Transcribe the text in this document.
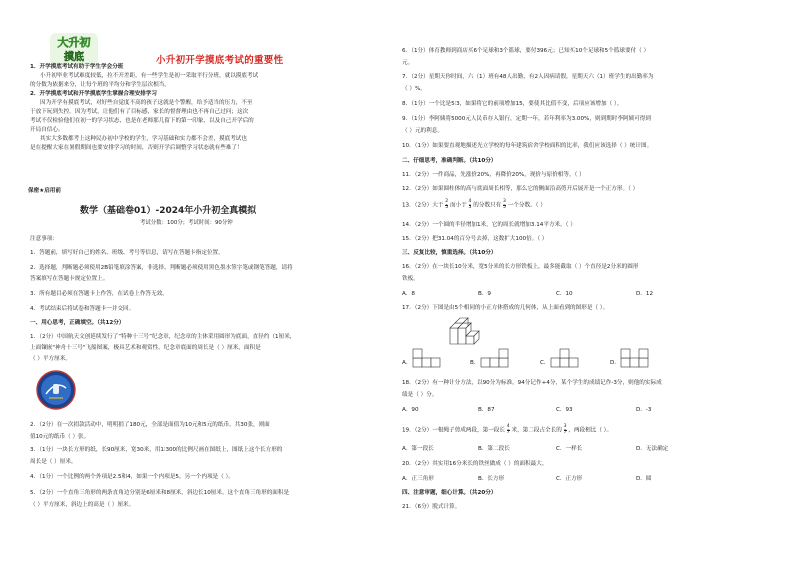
大升初
摸底	小升初开学摸底考试的重要性
1．开学摸底考试有助于学生学会分班
小升初毕业考试难度较低，拉不开差距，有一些学生是初一采取平行分班，就以摸底考试
的分数为依据来分，让每个班的平均分和学生层次相当。
2．开学摸底考试和开学摸底学生掌握合理安排学习
因为开学有摸底考试，对好些自觉度不高的孩子这就是个警醒，给予适当的压力，不至
于放下玩到失控。因为考试，让他们有了目标感，家长的督督理由也不再自己过问；这次
考试不仅检验他们在初一的学习状态，也是在老师那儿留下的第一印象，以及自己开学后的
开局自信心。
其实大多数都考上这种民办初中学校的学生，学习基础和实力都不会差，摸底考试也
是在提醒大家在暑假期间也要安排学习的时间，否则开学后调整学习状态就有些难了！
保密★启用前
数学（基础卷01）-2024年小升初全真模拟
考试分数：100分；考试时间：90分钟
注意事项：
1．答题前，填写好自己的姓名、班级、考号等信息，请写在答题卡指定位置。
2．选择题，判断题必须使用2B铅笔填涂答案，非选择、判断题必须使用黑色墨水签字笔或钢笔答题，请将
答案填写在答题卡规定位置上。
3．所有题目必须在答题卡上作答，在试卷上作答无效。
4．考试结束后将试卷和答题卡一并交回。
一、用心思考，正确填空。（共12分）
1．（2分）中国航天文创延续发行了“特种十三号”纪念章，纪念章的主体采用圆形为底面，直径约（1厘米，
上面镶嵌"神舟十三号"飞船图案，极具艺术和观赏性。纪念章底面的周长是（ ）厘米，面积是
（ ）平方厘米。
2．（2分）在一次捐款活动中，明明捐了180元，全部是面值为10元和5元的纸币，共30张，则面
值10元的纸币（ ）张。
3．（1分）一块长方形的纸，长90厘米，宽30米，用1∶300的比例尺画在图纸上，图纸上这个长方形的
周长是（ ）厘米。
4．（1分）一个比例的两个外项是2.5和4，如果一个内项是5，另一个内项是（ ）。
5．（2分）一个直角三角形的两条直角边分别是6厘米和8厘米，斜边长10厘米。这个直角三角形的面积是
（ ）平方厘米，斜边上的高是（ ）厘米。
6．（1分）体育教师到商店买6个足球和3个篮球，要付396元；已知买10个足球和5个篮球要付（ ）
元。
7．（2分）星期天你时间，六（1）班有48人出勤，有2人因病请假，星期天六（1）班学生的出勤率为
（ ）%。
8．（1分）一个比是5∶3，如果将它的前项增加15，要使其比值不变，后项应该增加（ ）。
9．（1分）李阿姨将5000元人民币存入银行，定期一年，若年利率为3.00%，则到期时李阿姨可得到
（ ）元的利息。
10．（1分）如果要直观地描述光立学校的每年建筑宿舍学校面积的比率，我们应该选择（ ）统计图。
二、仔细思考，准确判断。（共10分）
11．（2分）一件商品，先涨价20%，再降价20%，现价与原价相等。（ ）
12．（2分）如果圆柱体的高与底面周长相等，那么它的侧面沿高剪开后展开是一个正方形。（ ）
13．（2分）大于 $\frac{2}{5}$ 而小于 $\frac{4}{5}$ 的分数只有 $\frac{3}{5}$ 一个分数。（ ）
14．（2分）一个圆的半径增加1米，它的周长就增加3.14平方米。（ ）
15．（2分）把31.04的百分号去掉，这数扩大100倍。（ ）
三、反复比较，慎重选择。（共10分）
16．（2分）在一块长10分米，宽5分米的长方形铁板上，最多能截取（ ）个直径是2分米的圆形
铁板。
A．8	B．9	C．10	D．12
17．（2分）下图是由5个相同的小正方体搭成的几何体，从上面看到的图形是（ ）。
A．	B．	C．	D．
18．（2分）有一种计分方法，以90分为标准，94分记作+4分，某个学生的成绩记作-3分，则他的实际成
绩是（ ）分。
A．90	B．87	C．93	D．-3
19．（2分）一根绳子剪成两段，第一段长 $\frac{4}{7}$ 米，第二段占全长的 $\frac{3}{7}$ ，两段相比（ ）。
A．第一段长	B．第二段长	C．一样长	D．无法确定
20．（2分）其实用16分米长的铁丝做成（ ）的面积最大。
A．正三角形	B．长方形	C．正方形	D．圆
四、注意审题，细心计算。（共20分）
21．（6分）脱式计算。
